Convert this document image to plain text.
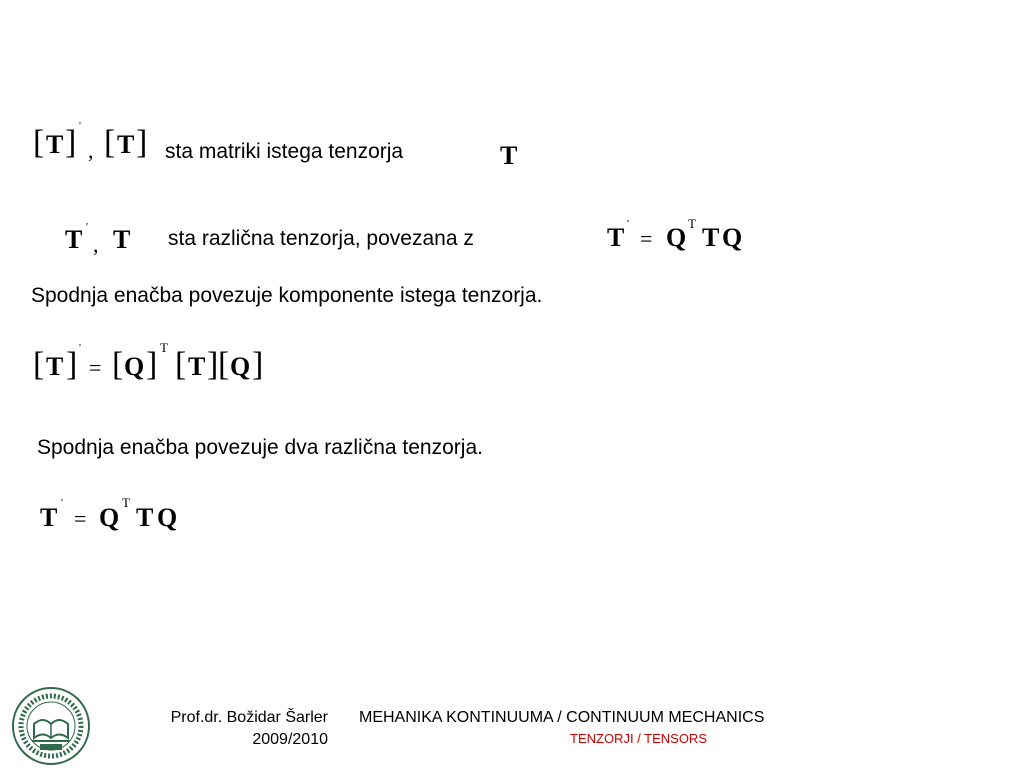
[ T ] '
, [ T ] sta matriki istega tenzorja	T
T '
, T sta različna tenzorja, povezana z	T '
= Q T T Q
Spodnja enačba povezuje komponente istega tenzorja.
[ T ] '
= [ Q ] T [ T ] [ Q ]
Spodnja enačba povezuje dva različna tenzorja.
T '
= Q
T
T Q
Prof.dr. Božidar Šarler
2009/2010
MEHANIKA KONTINUUMA / CONTINUUM MECHANICS
TENZORJI / TENSORS
